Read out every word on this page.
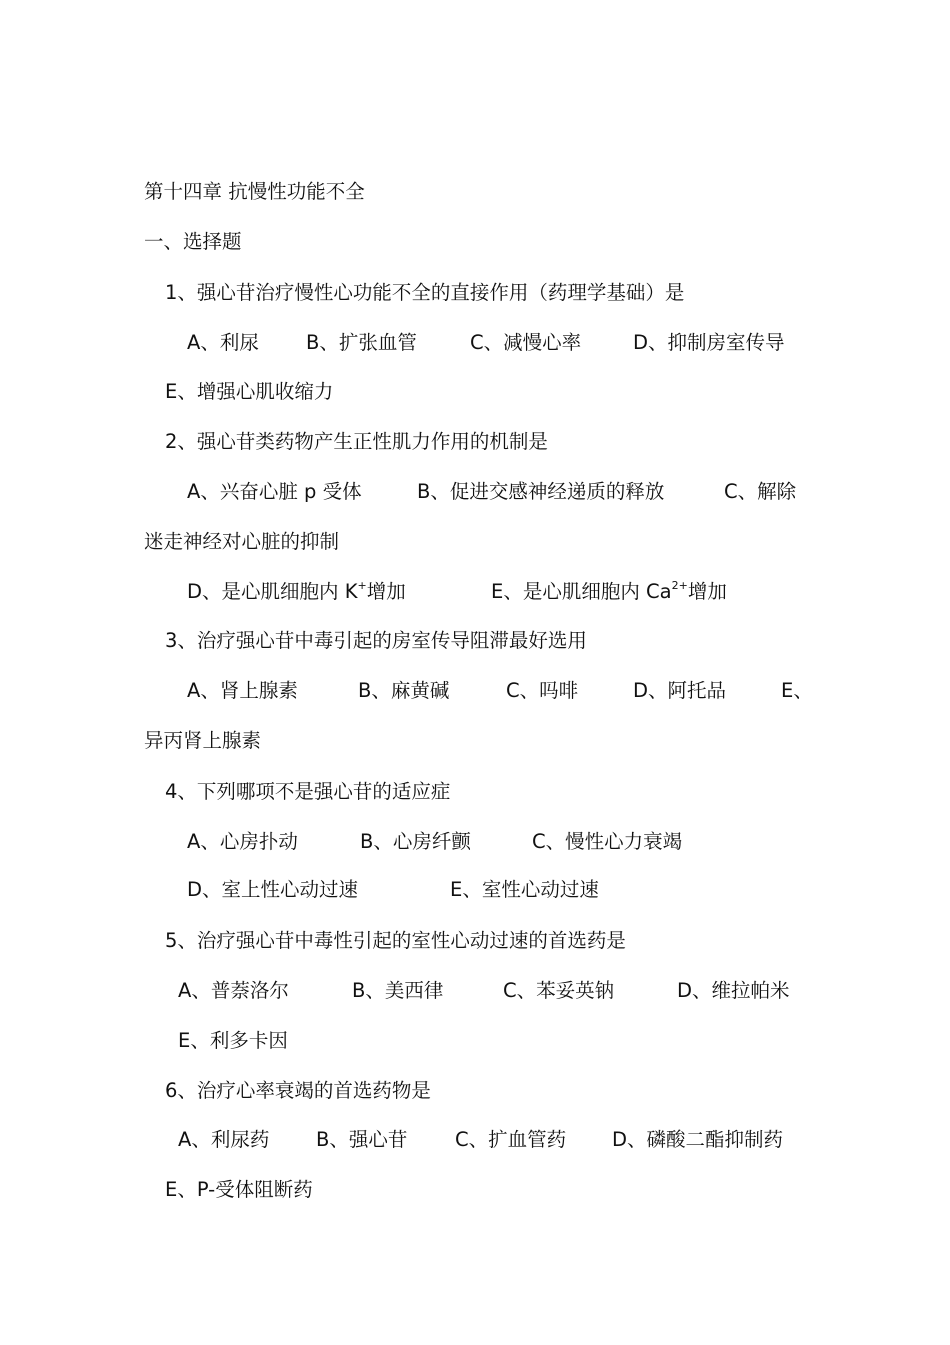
第十四章 抗慢性功能不全
一、选择题
1、强心苷治疗慢性心功能不全的直接作用（药理学基础）是
A、利尿 B、扩张血管	C、减慢心率	D、抑制房室传导
E、增强心肌收缩力
2、强心苷类药物产生正性肌力作用的机制是
A、兴奋心脏 p 受体	B、促进交感神经递质的释放	C、解除
迷走神经对心脏的抑制
D、是心肌细胞内 K+增加	E、是心肌细胞内 $Ca^{2+}$增加
3、治疗强心苷中毒引起的房室传导阻滞最好选用
A、肾上腺素	B、麻黄碱	C、吗啡	D、阿托品	E、
异丙肾上腺素
4、下列哪项不是强心苷的适应症
A、心房扑动	B、心房纤颤	C、慢性心力衰竭
D、室上性心动过速	E、室性心动过速
5、治疗强心苷中毒性引起的室性心动过速的首选药是
A、普萘洛尔	B、美西律	C、苯妥英钠	D、维拉帕米
E、利多卡因
6、治疗心率衰竭的首选药物是
A、利尿药 B、强心苷 C、扩血管药 D、磷酸二酯抑制药
E、P-受体阻断药
